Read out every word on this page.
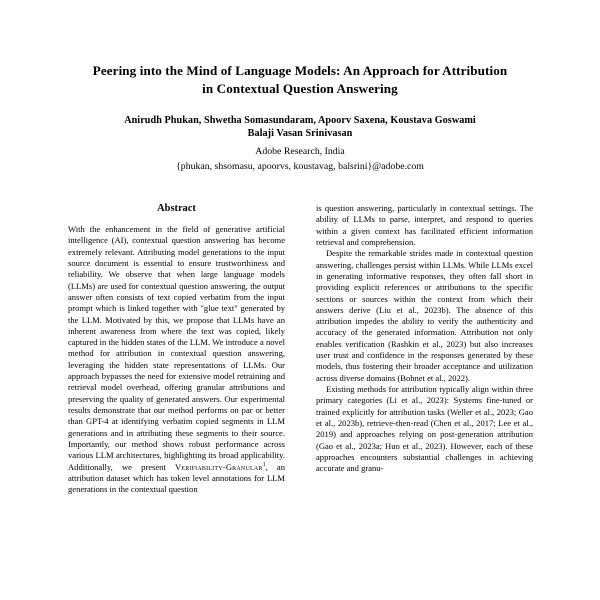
Peering into the Mind of Language Models: An Approach for Attribution
in Contextual Question Answering
Anirudh Phukan, Shwetha Somasundaram, Apoorv Saxena, Koustava Goswami
Balaji Vasan Srinivasan
Adobe Research, India
{phukan, shsomasu, apoorvs, koustavag, balsrini}@adobe.com
Abstract

With the enhancement in the field of generative artificial intelligence (AI), contextual question answering has become extremely relevant. Attributing model generations to the input source document is essential to ensure trustworthiness and reliability. We observe that when large language models (LLMs) are used for contextual question answering, the output answer often consists of text copied verbatim from the input prompt which is linked together with "glue text" generated by the LLM. Motivated by this, we propose that LLMs have an inherent awareness from where the text was copied, likely captured in the hidden states of the LLM. We introduce a novel method for attribution in contextual question answering, leveraging the hidden state representations of LLMs. Our approach bypasses the need for extensive model retraining and retrieval model overhead, offering granular attributions and preserving the quality of generated answers. Our experimental results demonstrate that our method performs on par or better than GPT-4 at identifying verbatim copied segments in LLM generations and in attributing these segments to their source. Importantly, our method shows robust performance across various LLM architectures, highlighting its broad applicability. Additionally, we present Verifiability-Granular$^1$, an attribution dataset which has token level annotations for LLM generations in the contextual question

is question answering, particularly in contextual settings. The ability of LLMs to parse, interpret, and respond to queries within a given context has facilitated efficient information retrieval and comprehension.

Despite the remarkable strides made in contextual question answering, challenges persist within LLMs. While LLMs excel in generating informative responses, they often fall short in providing explicit references or attributions to the specific sections or sources within the context from which their answers derive (Liu et al., 2023b). The absence of this attribution impedes the ability to verify the authenticity and accuracy of the generated information. Attribution not only enables verification (Rashkin et al., 2023) but also increases user trust and confidence in the responses generated by these models, thus fostering their broader acceptance and utilization across diverse domains (Bohnet et al., 2022).

Existing methods for attribution typically align within three primary categories (Li et al., 2023): Systems fine-tuned or trained explicitly for attribution tasks (Weller et al., 2023; Gao et al., 2023b), retrieve-then-read (Chen et al., 2017; Lee et al., 2019) and approaches relying on post-generation attribution (Gao et al., 2023a; Huo et al., 2023). However, each of these approaches encounters substantial challenges in achieving accurate and granu-
